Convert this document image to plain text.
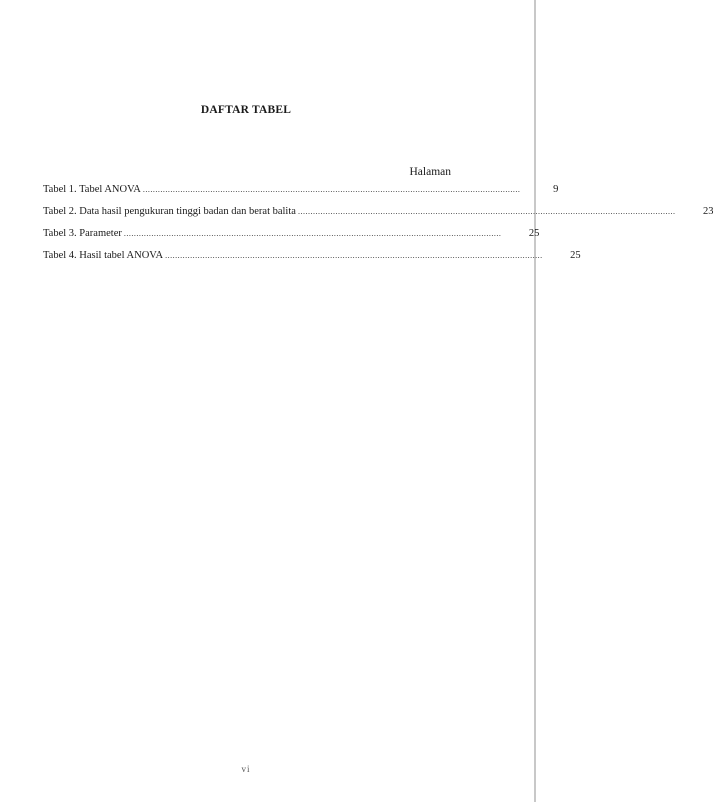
DAFTAR TABEL
Halaman
Tabel 1. Tabel ANOVA .......................................................................................................................................................	9
Tabel 2. Data hasil pengukuran tinggi badan dan berat balita .......................................................................................................................................................	23
Tabel 3. Parameter .......................................................................................................................................................	25
Tabel 4. Hasil tabel ANOVA .......................................................................................................................................................	25
vi
